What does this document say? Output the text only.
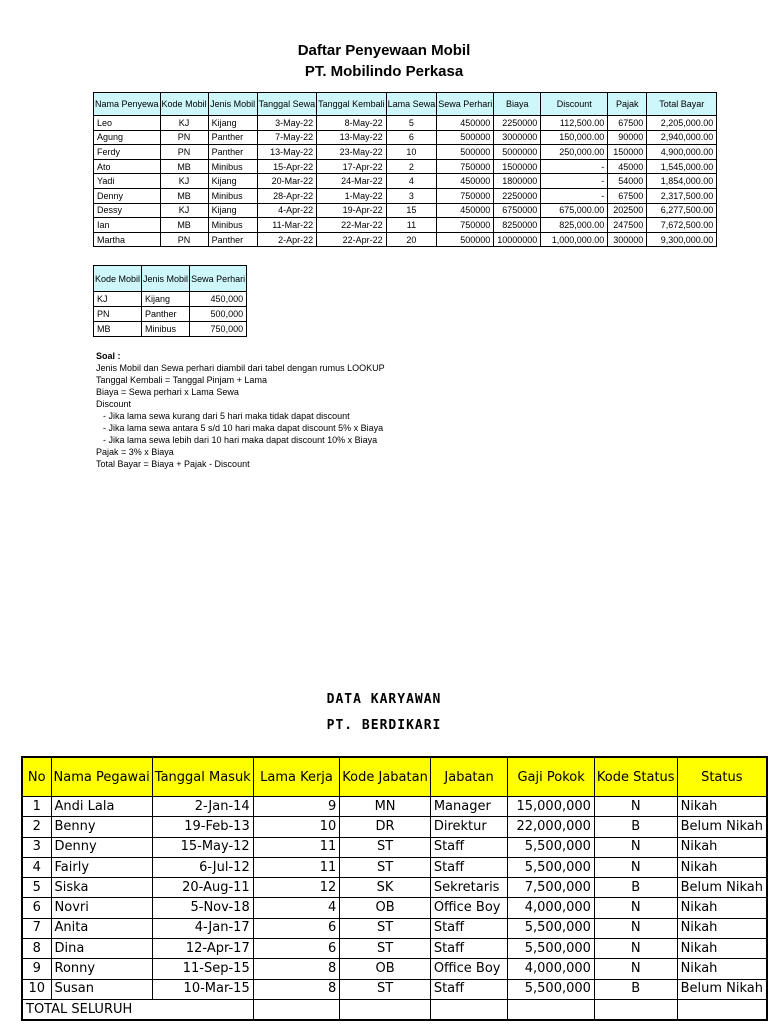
Daftar Penyewaan Mobil
PT. Mobilindo Perkasa
Nama Penyewa	Kode Mobil	Jenis Mobil	Tanggal Sewa	Tanggal Kembali	Lama Sewa	Sewa Perhari	Biaya	Discount	Pajak	Total Bayar
Leo	KJ	Kijang	3-May-22	8-May-22	5	450000	2250000	112,500.00	67500	2,205,000.00
Agung	PN	Panther	7-May-22	13-May-22	6	500000	3000000	150,000.00	90000	2,940,000.00
Ferdy	PN	Panther	13-May-22	23-May-22	10	500000	5000000	250,000.00	150000	4,900,000.00
Ato	MB	Minibus	15-Apr-22	17-Apr-22	2	750000	1500000	-	45000	1,545,000.00
Yadi	KJ	Kijang	20-Mar-22	24-Mar-22	4	450000	1800000	-	54000	1,854,000.00
Denny	MB	Minibus	28-Apr-22	1-May-22	3	750000	2250000	-	67500	2,317,500.00
Dessy	KJ	Kijang	4-Apr-22	19-Apr-22	15	450000	6750000	675,000.00	202500	6,277,500.00
Ian	MB	Minibus	11-Mar-22	22-Mar-22	11	750000	8250000	825,000.00	247500	7,672,500.00
Martha	PN	Panther	2-Apr-22	22-Apr-22	20	500000	10000000	1,000,000.00	300000	9,300,000.00
Kode Mobil	Jenis Mobil	Sewa Perhari
KJ	Kijang	450,000
PN	Panther	500,000
MB	Minibus	750,000
Soal :
Jenis Mobil dan Sewa perhari diambil dari tabel dengan rumus LOOKUP
Tanggal Kembali = Tanggal Pinjam + Lama
Biaya = Sewa perhari x Lama Sewa
Discount
- Jika lama sewa kurang dari 5 hari maka tidak dapat discount
- Jika lama sewa antara 5 s/d 10 hari maka dapat discount 5% x Biaya
- Jika lama sewa lebih dari 10 hari maka dapat discount 10% x Biaya
Pajak = 3% x Biaya
Total Bayar = Biaya + Pajak - Discount
DATA KARYAWAN
PT. BERDIKARI
No	Nama Pegawai	Tanggal Masuk	Lama Kerja	Kode Jabatan	Jabatan	Gaji Pokok	Kode Status	Status
1	Andi Lala	2-Jan-14	9	MN	Manager	15,000,000	N	Nikah
2	Benny	19-Feb-13	10	DR	Direktur	22,000,000	B	Belum Nikah
3	Denny	15-May-12	11	ST	Staff	5,500,000	N	Nikah
4	Fairly	6-Jul-12	11	ST	Staff	5,500,000	N	Nikah
5	Siska	20-Aug-11	12	SK	Sekretaris	7,500,000	B	Belum Nikah
6	Novri	5-Nov-18	4	OB	Office Boy	4,000,000	N	Nikah
7	Anita	4-Jan-17	6	ST	Staff	5,500,000	N	Nikah
8	Dina	12-Apr-17	6	ST	Staff	5,500,000	N	Nikah
9	Ronny	11-Sep-15	8	OB	Office Boy	4,000,000	N	Nikah
10	Susan	10-Mar-15	8	ST	Staff	5,500,000	B	Belum Nikah
TOTAL SELURUH								
